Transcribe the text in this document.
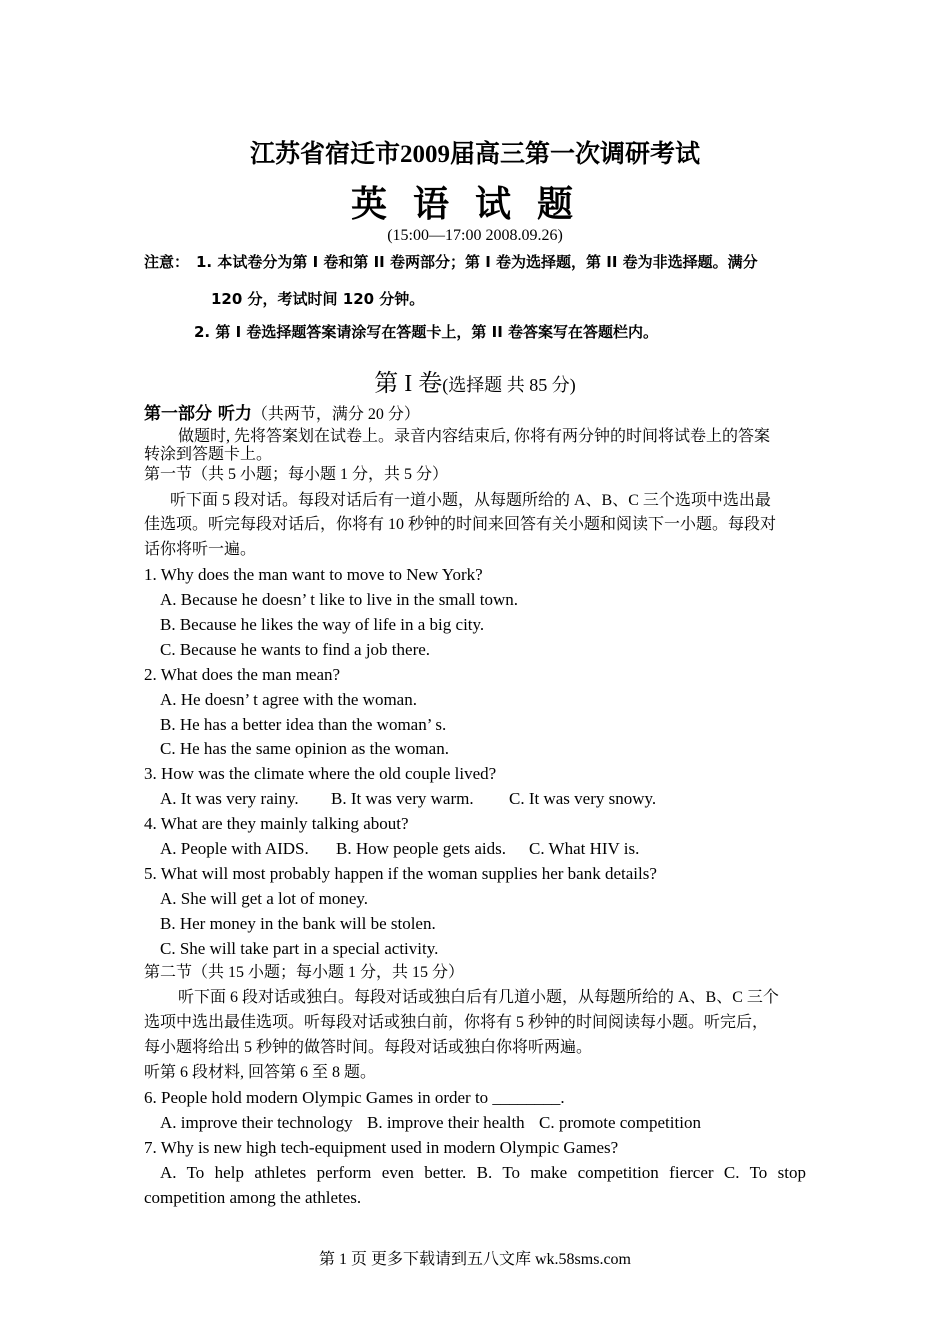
江苏省宿迁市2009届高三第一次调研考试
英语试题
(15:00—17:00 2008.09.26)
注意： 1. 本试卷分为第 I 卷和第 II 卷两部分；第 I 卷为选择题，第 II 卷为非选择题。满分
120 分，考试时间 120 分钟。
2. 第 I 卷选择题答案请涂写在答题卡上，第 II 卷答案写在答题栏内。
第 I 卷(选择题 共 85 分)
第一部分 听力（共两节，满分 20 分）
做题时, 先将答案划在试卷上。录音内容结束后, 你将有两分钟的时间将试卷上的答案
转涂到答题卡上。
第一节（共 5 小题；每小题 1 分，共 5 分）
听下面 5 段对话。每段对话后有一道小题，从每题所给的 A、B、C 三个选项中选出最
佳选项。听完每段对话后，你将有 10 秒钟的时间来回答有关小题和阅读下一小题。每段对
话你将听一遍。
1. Why does the man want to move to New York?
A. Because he doesn’ t like to live in the small town.
B. Because he likes the way of life in a big city.
C. Because he wants to find a job there.
2. What does the man mean?
A. He doesn’ t agree with the woman.
B. He has a better idea than the woman’ s.
C. He has the same opinion as the woman.
3. How was the climate where the old couple lived?
A. It was very rainy. B. It was very warm. C. It was very snowy.
4. What are they mainly talking about?
A. People with AIDS. B. How people gets aids. C. What HIV is.
5. What will most probably happen if the woman supplies her bank details?
A. She will get a lot of money.
B. Her money in the bank will be stolen.
C. She will take part in a special activity.
第二节（共 15 小题；每小题 1 分，共 15 分）
听下面 6 段对话或独白。每段对话或独白后有几道小题，从每题所给的 A、B、C 三个
选项中选出最佳选项。听每段对话或独白前，你将有 5 秒钟的时间阅读每小题。听完后，
每小题将给出 5 秒钟的做答时间。每段对话或独白你将听两遍。
听第 6 段材料, 回答第 6 至 8 题。
6. People hold modern Olympic Games in order to ________.
A. improve their technology B. improve their health C. promote competition
7. Why is new high tech-equipment used in modern Olympic Games?
A. To help athletes perform even better. B. To make competition fiercer C. To stop
competition among the athletes.
第 1 页 更多下载请到五八文库 wk.58sms.com
